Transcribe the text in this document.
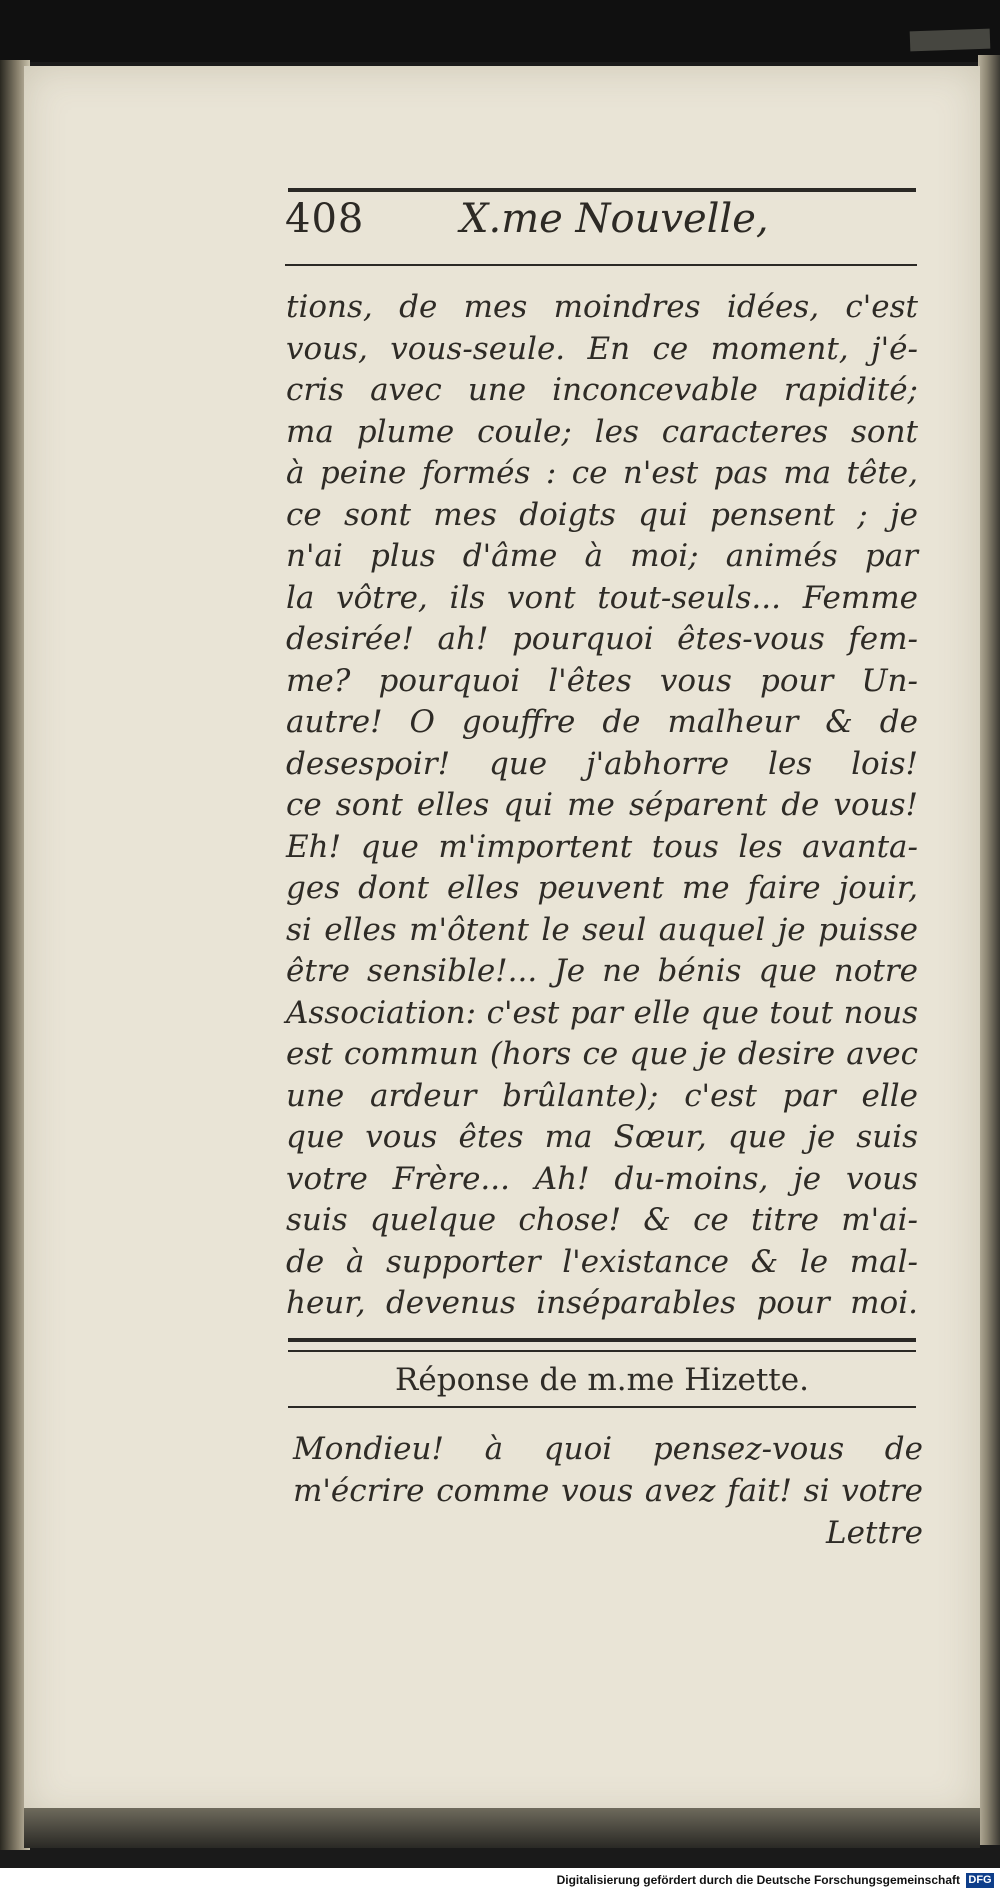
408 X.me Nouvelle,
tions, de mes moindres idées, c'est
vous, vous-seule. En ce moment, j'é-
cris avec une inconcevable rapidité;
ma plume coule; les caracteres sont
à peine formés : ce n'est pas ma tête,
ce sont mes doigts qui pensent ; je
n'ai plus d'âme à moi; animés par
la vôtre, ils vont tout-seuls... Femme
desirée! ah! pourquoi êtes-vous fem-
me? pourquoi l'êtes vous pour Un-
autre! O gouffre de malheur & de
desespoir! que j'abhorre les lois!
ce sont elles qui me séparent de vous!
Eh! que m'importent tous les avanta-
ges dont elles peuvent me faire jouir,
si elles m'ôtent le seul auquel je puisse
être sensible!... Je ne bénis que notre
Association: c'est par elle que tout nous
est commun (hors ce que je desire avec
une ardeur brûlante); c'est par elle
que vous êtes ma Sœur, que je suis
votre Frère... Ah! du-moins, je vous
suis quelque chose! & ce titre m'ai-
de à supporter l'existance & le mal-
heur, devenus inséparables pour moi.
Réponse de m.me Hizette.
Mondieu! à quoi pensez-vous de
m'écrire comme vous avez fait! si votre
Lettre
Digitalisierung gefördert durch die Deutsche Forschungsgemeinschaft DFG
